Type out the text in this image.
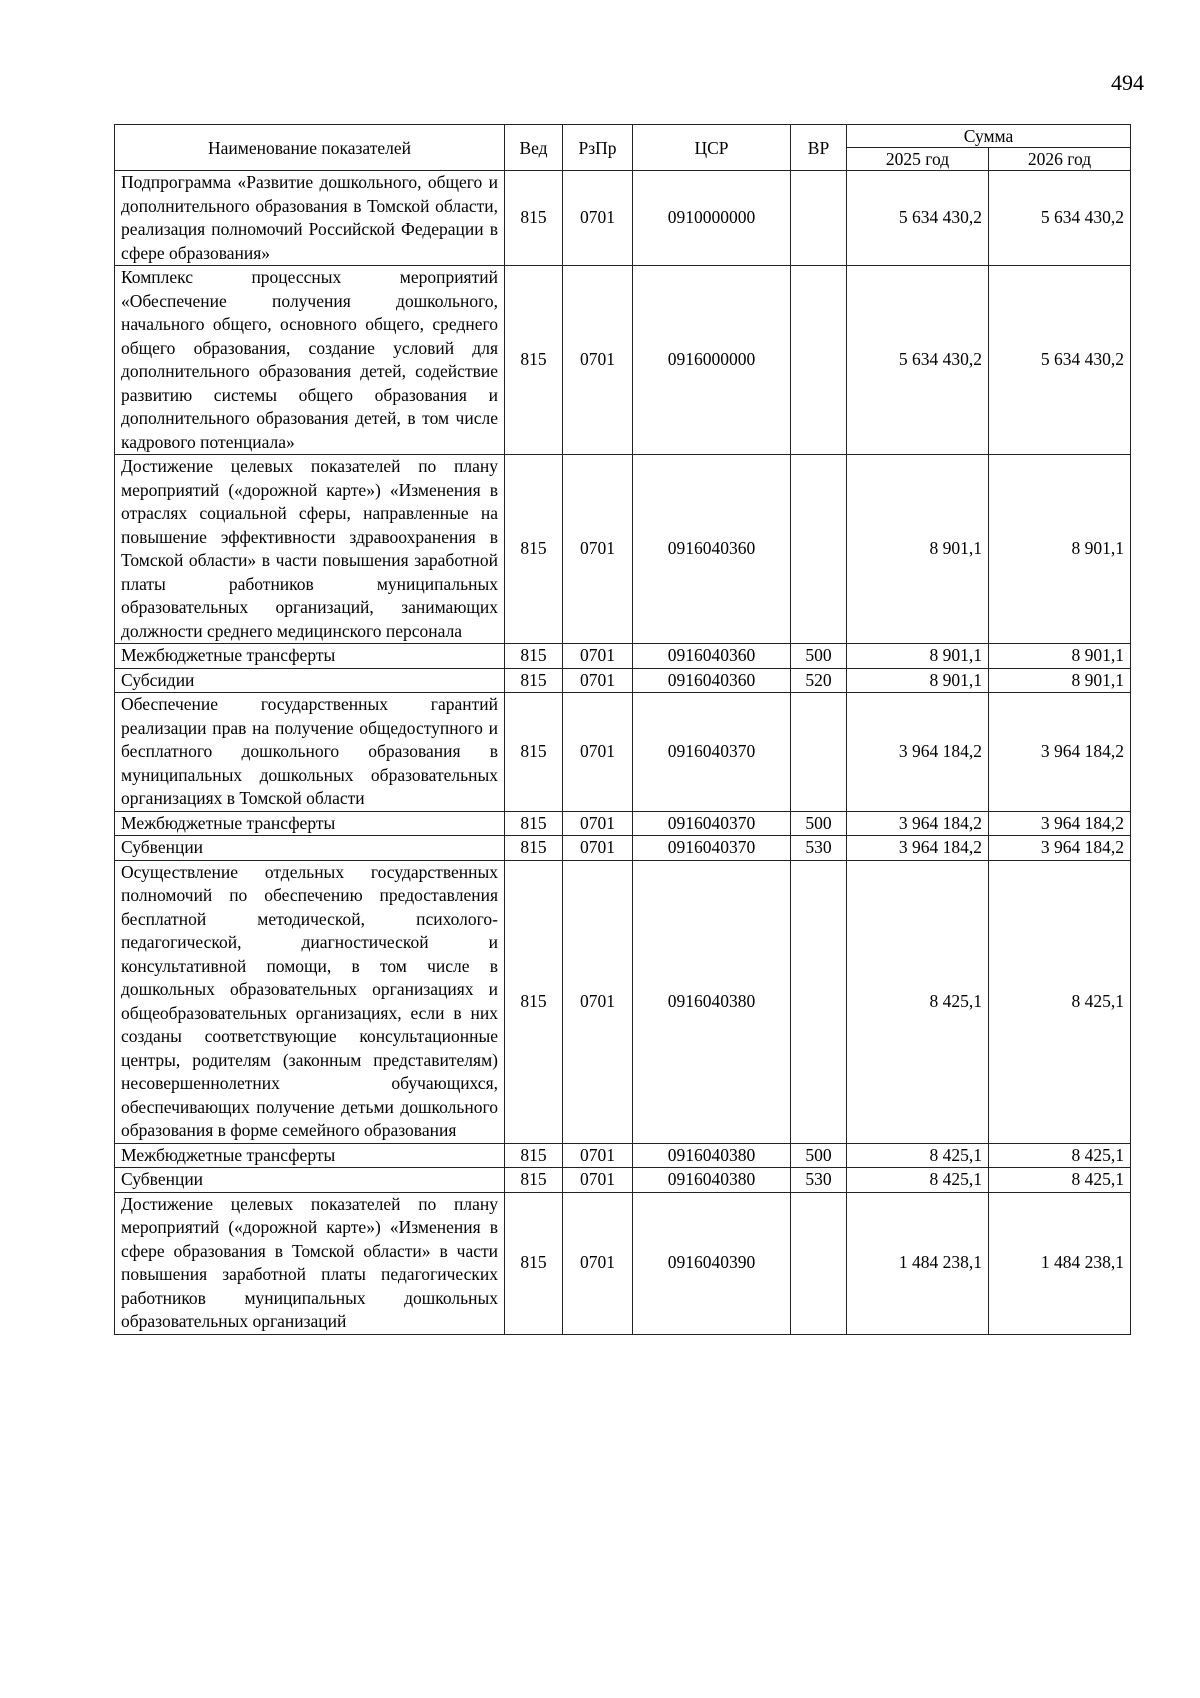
494
Наименование показателей	Вед	РзПр	ЦСР	ВР	Сумма	
					2025 год	2026 год
Подпрограмма «Развитие дошкольного, общего и дополнительного образования в Томской области, реализация полномочий Российской Федерации в сфере образования»	815	0701	0910000000		5 634 430,2	5 634 430,2
Комплекс процессных мероприятий «Обеспечение получения дошкольного, начального общего, основного общего, среднего общего образования, создание условий для дополнительного образования детей, содействие развитию системы общего образования и дополнительного образования детей, в том числе кадрового потенциала»	815	0701	0916000000		5 634 430,2	5 634 430,2
Достижение целевых показателей по плану мероприятий («дорожной карте») «Изменения в отраслях социальной сферы, направленные на повышение эффективности здравоохранения в Томской области» в части повышения заработной платы работников муниципальных образовательных организаций, занимающих должности среднего медицинского персонала	815	0701	0916040360		8 901,1	8 901,1
Межбюджетные трансферты	815	0701	0916040360	500	8 901,1	8 901,1
Субсидии	815	0701	0916040360	520	8 901,1	8 901,1
Обеспечение государственных гарантий реализации прав на получение общедоступного и бесплатного дошкольного образования в муниципальных дошкольных образовательных организациях в Томской области	815	0701	0916040370		3 964 184,2	3 964 184,2
Межбюджетные трансферты	815	0701	0916040370	500	3 964 184,2	3 964 184,2
Субвенции	815	0701	0916040370	530	3 964 184,2	3 964 184,2
Осуществление отдельных государственных полномочий по обеспечению предоставления бесплатной методической, психолого-педагогической, диагностической и консультативной помощи, в том числе в дошкольных образовательных организациях и общеобразовательных организациях, если в них созданы соответствующие консультационные центры, родителям (законным представителям) несовершеннолетних обучающихся, обеспечивающих получение детьми дошкольного образования в форме семейного образования	815	0701	0916040380		8 425,1	8 425,1
Межбюджетные трансферты	815	0701	0916040380	500	8 425,1	8 425,1
Субвенции	815	0701	0916040380	530	8 425,1	8 425,1
Достижение целевых показателей по плану мероприятий («дорожной карте») «Изменения в сфере образования в Томской области» в части повышения заработной платы педагогических работников муниципальных дошкольных образовательных организаций	815	0701	0916040390		1 484 238,1	1 484 238,1
